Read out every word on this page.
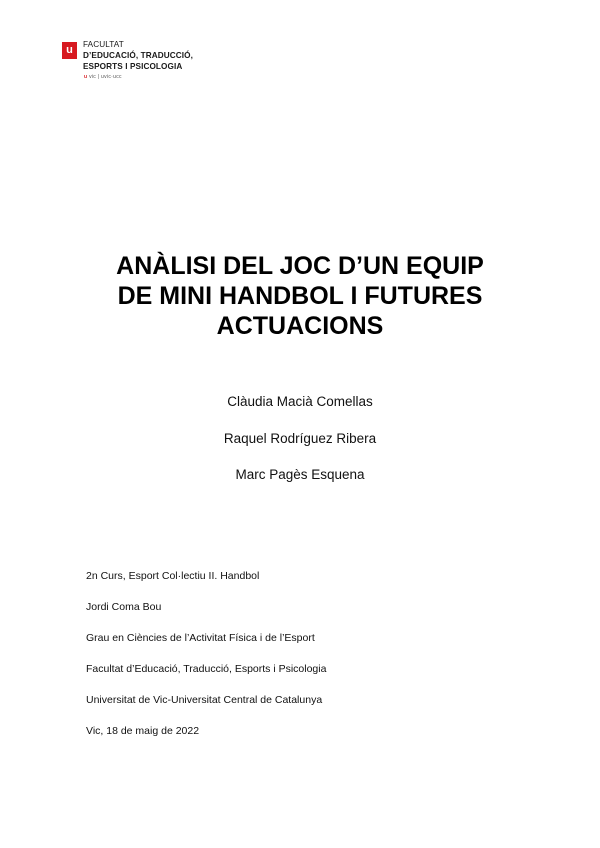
u	FACULTAT
D’EDUCACIÓ, TRADUCCIÓ,
ESPORTS I PSICOLOGIA
u vic | uvic·ucc
ANÀLISI DEL JOC D’UN EQUIP
DE MINI HANDBOL I FUTURES
ACTUACIONS
Clàudia Macià Comellas
Raquel Rodríguez Ribera
Marc Pagès Esquena
2n Curs, Esport Col·lectiu II. Handbol
Jordi Coma Bou
Grau en Ciències de l’Activitat Física i de l’Esport
Facultat d’Educació, Traducció, Esports i Psicologia
Universitat de Vic-Universitat Central de Catalunya
Vic, 18 de maig de 2022
